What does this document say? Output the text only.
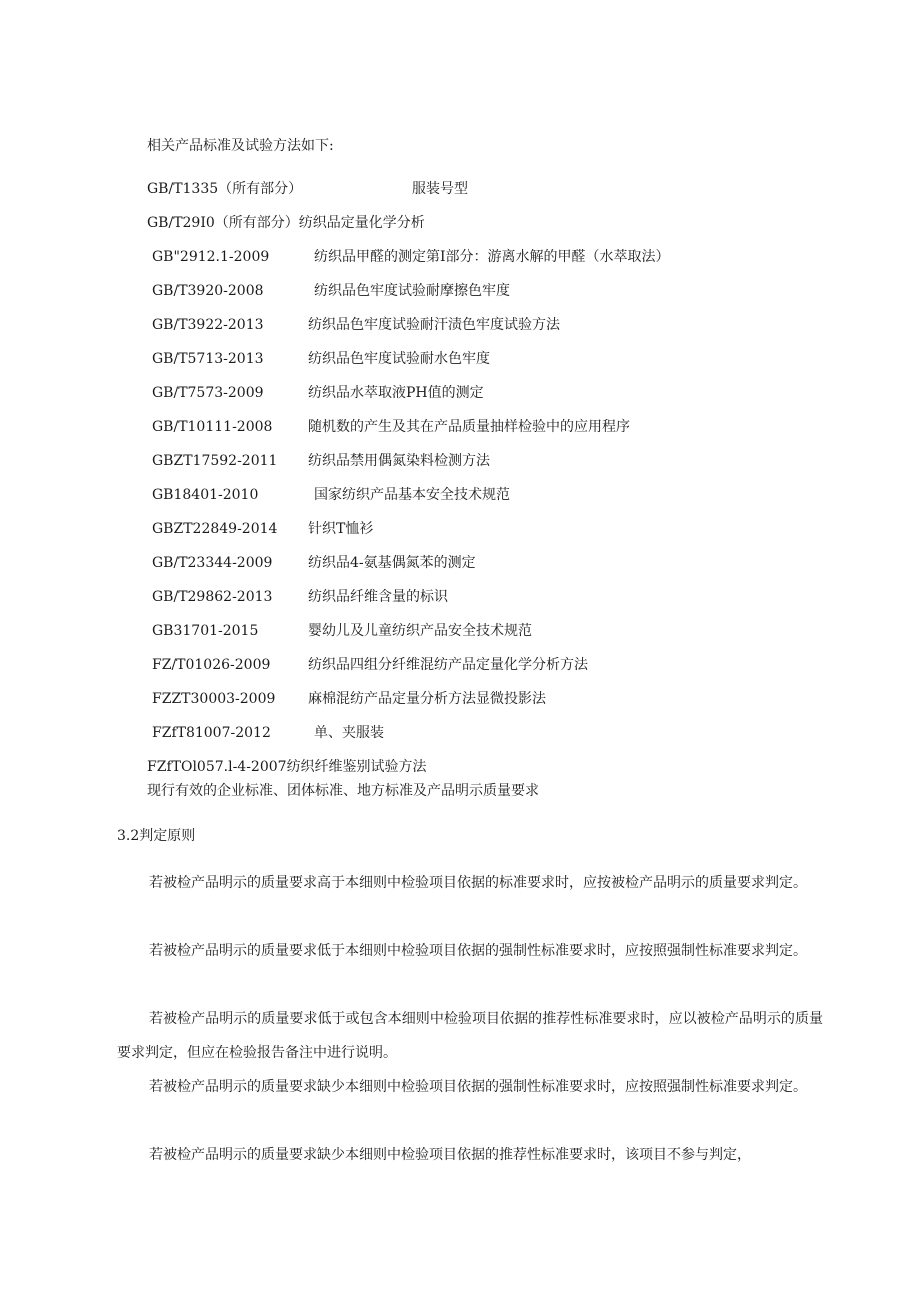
相关产品标准及试验方法如下:
GB/T1335（所有部分）	服装号型
GB/T29I0（所有部分）纺织品定量化学分析
GB"2912.1-2009	纺织品甲醛的测定第I部分：游离水解的甲醛（水萃取法）
GB/T3920-2008	纺织品色牢度试验耐摩擦色牢度
GB/T3922-2013	纺织品色牢度试验耐汗渍色牢度试验方法
GB/T5713-2013	纺织品色牢度试验耐水色牢度
GB/T7573-2009	纺织品水萃取液PH值的测定
GB/T10111-2008	随机数的产生及其在产品质量抽样检验中的应用程序
GBZT17592-2011 纺织品禁用偶氮染料检测方法
GB18401-2010	国家纺织产品基本安全技术规范
GBZT22849-2014 针织T恤衫
GB/T23344-2009	纺织品4-氨基偶氮苯的测定
GB/T29862-2013	纺织品纤维含量的标识
GB31701-2015	婴幼儿及儿童纺织产品安全技术规范
FZ/T01026-2009	纺织品四组分纤维混纺产品定量化学分析方法
FZZT30003-2009 麻棉混纺产品定量分析方法显微投影法
FZfT81007-2012	单、夹服装
FZfTOl057.l-4-2007纺织纤维鉴别试验方法
现行有效的企业标准、团体标准、地方标准及产品明示质量要求
3.2判定原则

若被检产品明示的质量要求高于本细则中检验项目依据的标准要求时，应按被检产品明示的质量要求判定。

若被检产品明示的质量要求低于本细则中检验项目依据的强制性标准要求时，应按照强制性标准要求判定。

若被检产品明示的质量要求低于或包含本细则中检验项目依据的推荐性标准要求时，应以被检产品明示的质量要求判定，但应在检验报告备注中进行说明。

若被检产品明示的质量要求缺少本细则中检验项目依据的强制性标准要求时，应按照强制性标准要求判定。

若被检产品明示的质量要求缺少本细则中检验项目依据的推荐性标准要求时，该项目不参与判定，
